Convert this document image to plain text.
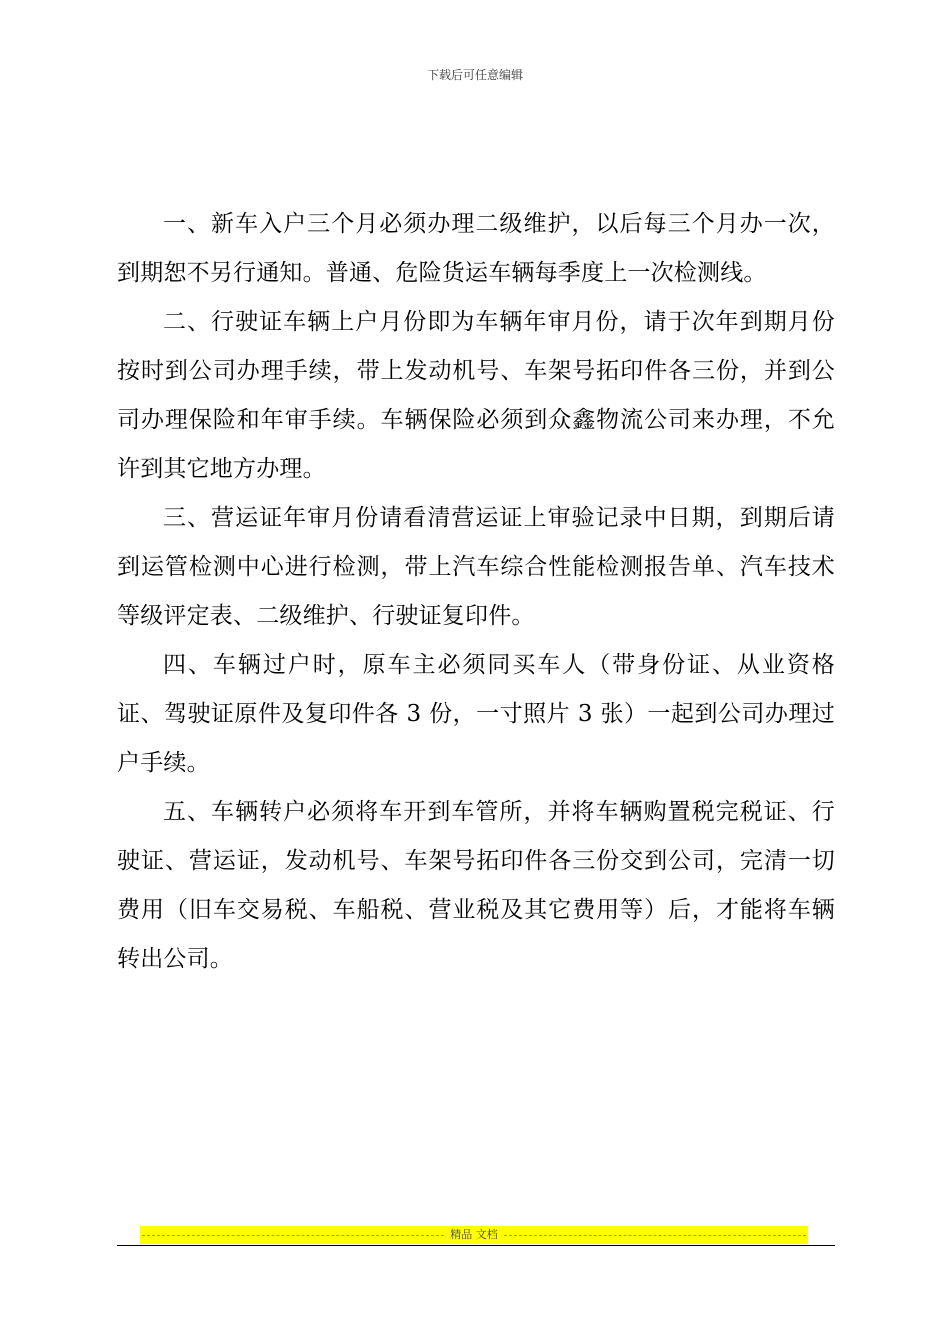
下载后可任意编辑

一、新车入户三个月必须办理二级维护，以后每三个月办一次，到期恕不另行通知。普通、危险货运车辆每季度上一次检测线。

二、行驶证车辆上户月份即为车辆年审月份，请于次年到期月份按时到公司办理手续，带上发动机号、车架号拓印件各三份，并到公司办理保险和年审手续。车辆保险必须到众鑫物流公司来办理，不允许到其它地方办理。

三、营运证年审月份请看清营运证上审验记录中日期，到期后请到运管检测中心进行检测，带上汽车综合性能检测报告单、汽车技术等级评定表、二级维护、行驶证复印件。

四、车辆过户时，原车主必须同买车人（带身份证、从业资格证、驾驶证原件及复印件各 3 份，一寸照片 3 张）一起到公司办理过户手续。

五、车辆转户必须将车开到车管所，并将车辆购置税完税证、行驶证、营运证，发动机号、车架号拓印件各三份交到公司，完清一切费用（旧车交易税、车船税、营业税及其它费用等）后，才能将车辆转出公司。

精品 文档
